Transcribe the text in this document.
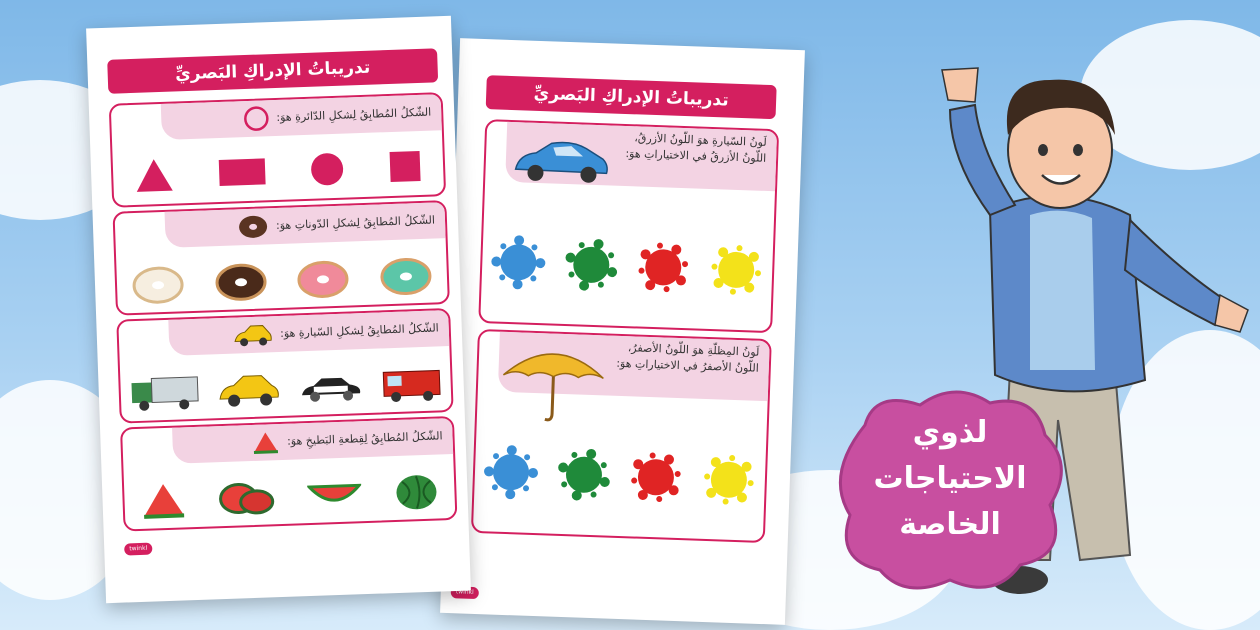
تدريباتُ الإدراكِ البَصريِّ
لَونُ السّيارةِ هوَ اللّونُ الأزرقُ،
اللّونُ الأزرقُ في الاختياراتِ هوَ:
لَونُ المِظلّةِ هوَ اللّونُ الأصفرُ،
اللّونُ الأصفرُ في الاختياراتِ هوَ:
twinkl
تدريباتُ الإدراكِ البَصريِّ
الشّكلُ المُطابِقُ لِشكلِ الدّائرةِ هوَ:
الشّكلُ المُطابِقُ لِشكلِ الدّوناتِ هوَ:
الشّكلُ المُطابِقُ لِشكلِ السّيارةِ هوَ:
الشّكلُ المُطابِقُ لِقِطعةِ البَطيخِ هوَ:
twinkl
لذوي
الاحتياجات
الخاصة
